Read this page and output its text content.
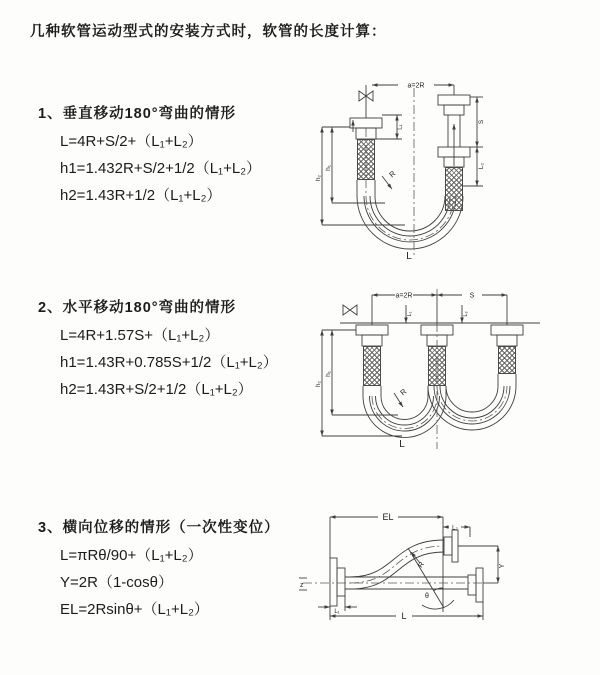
几种软管运动型式的安装方式时，软管的长度计算：
1、垂直移动180°弯曲的情形
L=4R+S/2+（L₁+L₂）
h1=1.432R+S/2+1/2（L₁+L₂）
h2=1.43R+1/2（L₁+L₂）
2、水平移动180°弯曲的情形
L=4R+1.57S+（L₁+L₂）
h1=1.43R+0.785S+1/2（L₁+L₂）
h2=1.43R+S/2+1/2（L₁+L₂）
3、横向位移的情形（一次性变位）
L=πRθ/90+（L₁+L₂）
Y=2R（1-cosθ）
EL=2Rsinθ+（L₁+L₂）
a=2R
h₁
h₂
L₁
S
L₂
R
L
a=2R	S
h₁
h₂
L₁	L₂
R
L
EL
L₂
R	Y
θ
L
L₁
z
